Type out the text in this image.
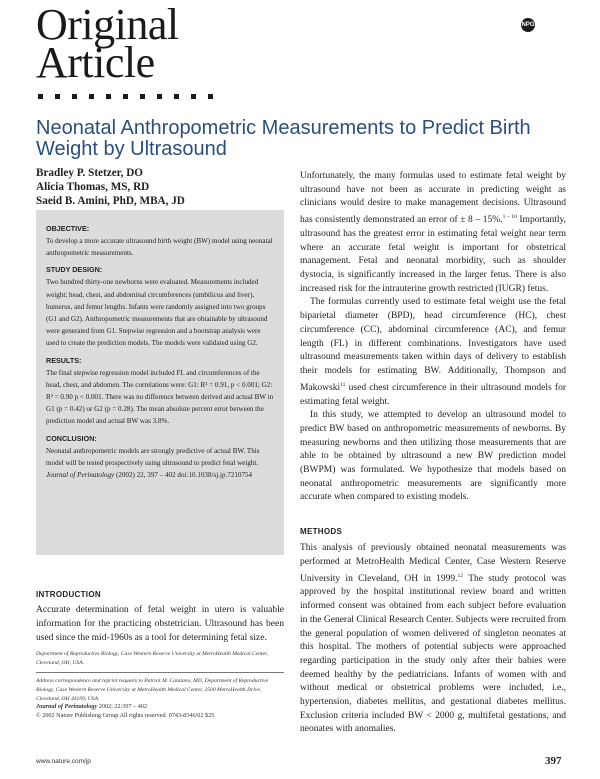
Original
Article
NPG
Neonatal Anthropometric Measurements to Predict Birth Weight by Ultrasound
Bradley P. Stetzer, DO
Alicia Thomas, MS, RD
Saeid B. Amini, PhD, MBA, JD
OBJECTIVE:
To develop a more accurate ultrasound birth weight (BW) model using neonatal anthropometric measurements.
STUDY DESIGN:
Two hundred thirty-one newborns were evaluated. Measurements included weight; head, chest, and abdominal circumferences (umbilicus and liver), humerus, and femur lengths. Infants were randomly assigned into two groups (G1 and G2). Anthropometric measurements that are obtainable by ultrasound were generated from G1. Stepwise regression and a bootstrap analysis were used to create the prediction models. The models were validated using G2.
RESULTS:
The final stepwise regression model included FL and circumferences of the head, chest, and abdomen. The correlations were: G1: R² = 0.91, p < 0.001; G2: R² = 0.90 p < 0.001. There was no difference between derived and actual BW in G1 (p = 0.42) or G2 (p = 0.28). The mean absolute percent error between the prediction model and actual BW was 3.8%.
CONCLUSION:
Neonatal anthropometric models are strongly predictive of actual BW. This model will be tested prospectively using ultrasound to predict fetal weight. Journal of Perinatology (2002) 22, 397 – 402 doi:10.1038/sj.jp.7210754
INTRODUCTION
Accurate determination of fetal weight in utero is valuable information for the practicing obstetrician. Ultrasound has been used since the mid-1960s as a tool for determining fetal size.
Department of Reproductive Biology, Case Western Reserve University at MetroHealth Medical Center, Cleveland, OH, USA.
Address correspondence and reprint requests to Patrick M. Catalano, MD, Department of Reproductive Biology, Case Western Reserve University at MetroHealth Medical Center, 2500 MetroHealth Drive, Cleveland, OH 44109, USA.
Journal of Perinatology 2002; 22:397 – 402
© 2002 Nature Publishing Group All rights reserved. 0743-8346/02 $25
www.nature.com/jp	397

Unfortunately, the many formulas used to estimate fetal weight by ultrasound have not been as accurate in predicting weight as clinicians would desire to make management decisions. Ultrasound has consistently demonstrated an error of ± 8 – 15%.$^{1 - 10}$ Importantly, ultrasound has the greatest error in estimating fetal weight near term where an accurate fetal weight is important for obstetrical management. Fetal and neonatal morbidity, such as shoulder dystocia, is significantly increased in the larger fetus. There is also increased risk for the intrauterine growth restricted (IUGR) fetus.

The formulas currently used to estimate fetal weight use the fetal biparietal diameter (BPD), head circumference (HC), chest circumference (CC), abdominal circumference (AC), and femur length (FL) in different combinations. Investigators have used ultrasound measurements taken within days of delivery to establish their models for estimating BW. Additionally, Thompson and Makowski$^{11}$ used chest circumference in their ultrasound models for estimating fetal weight.

In this study, we attempted to develop an ultrasound model to predict BW based on anthropometric measurements of newborns. By measuring newborns and then utilizing those measurements that are able to be obtained by ultrasound a new BW prediction model (BWPM) was formulated. We hypothesize that models based on neonatal anthropometric measurements are significantly more accurate when compared to existing models.

METHODS

This analysis of previously obtained neonatal measurements was performed at MetroHealth Medical Center, Case Western Reserve University in Cleveland, OH in 1999.12 The study protocol was approved by the hospital institutional review board and written informed consent was obtained from each subject before evaluation in the General Clinical Research Center. Subjects were recruited from the general population of women delivered of singleton neonates at this hospital. The mothers of potential subjects were approached regarding participation in the study only after their babies were deemed healthy by the pediatricians. Infants of women with and without medical or obstetrical problems were included, i.e., hypertension, diabetes mellitus, and gestational diabetes mellitus. Exclusion criteria included BW < 2000 g, multifetal gestations, and neonates with anomalies.
